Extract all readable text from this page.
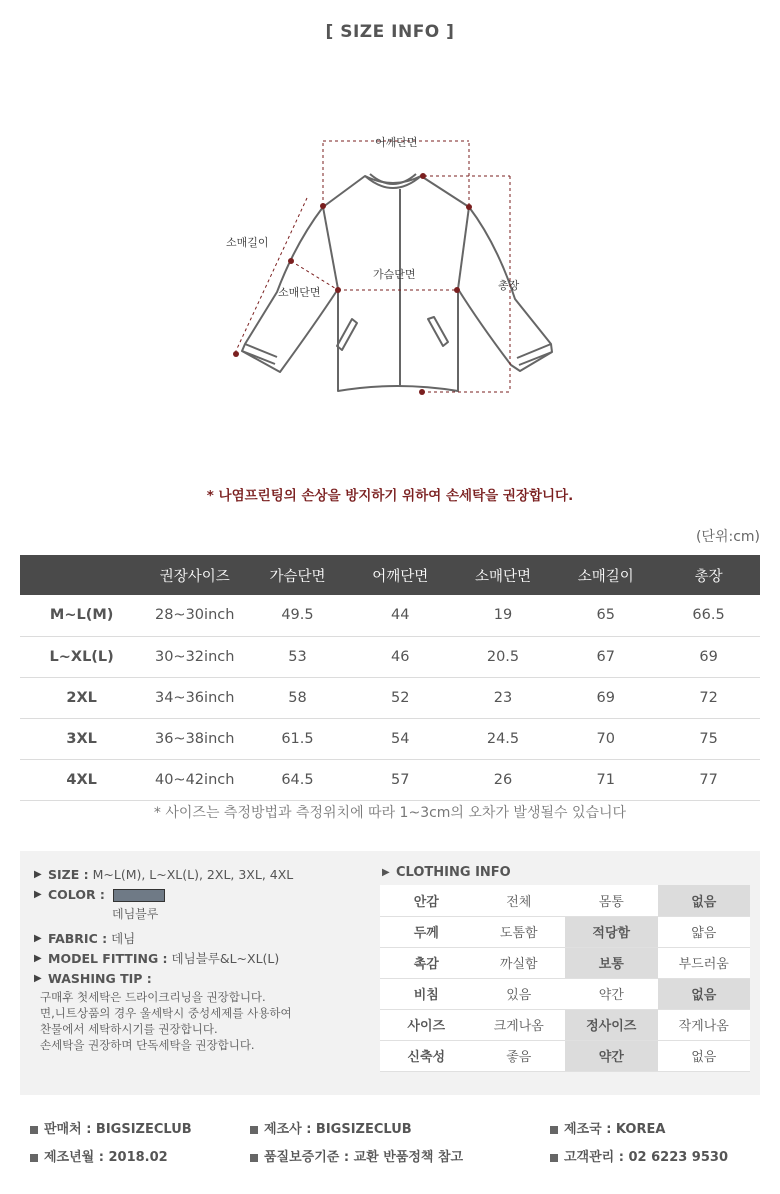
[ SIZE INFO ]
어깨단면
소매길이
가슴단면
소매단면
총장
* 나염프린팅의 손상을 방지하기 위하여 손세탁을 권장합니다.
(단위:cm)
	권장사이즈	가슴단면	어깨단면	소매단면	소매길이	총장
M~L(M)	28~30inch	49.5	44	19	65	66.5
L~XL(L)	30~32inch	53	46	20.5	67	69
2XL	34~36inch	58	52	23	69	72
3XL	36~38inch	61.5	54	24.5	70	75
4XL	40~42inch	64.5	57	26	71	77
* 사이즈는 측정방법과 측정위치에 따라 1~3cm의 오차가 발생될수 있습니다
▶ SIZE : M~L(M), L~XL(L), 2XL, 3XL, 4XL
▶ COLOR :
데님블루
▶ FABRIC : 데님
▶ MODEL FITTING : 데님블루&L~XL(L)
▶ WASHING TIP :
구매후 첫세탁은 드라이크리닝을 권장합니다.
면,니트상품의 경우 울세탁시 중성세제를 사용하여
찬물에서 세탁하시기를 권장합니다.
손세탁을 권장하며 단독세탁을 권장합니다.
▶ CLOTHING INFO
안감	전체	몸통	없음
두께	도톰함	적당함	얇음
촉감	까실함	보통	부드러움
비침	있음	약간	없음
사이즈	크게나옴	정사이즈	작게나옴
신축성	좋음	약간	없음
판매처 : BIGSIZECLUB	제조사 : BIGSIZECLUB	제조국 : KOREA
제조년월 : 2018.02	품질보증기준 : 교환 반품정책 참고	고객관리 : 02 6223 9530
